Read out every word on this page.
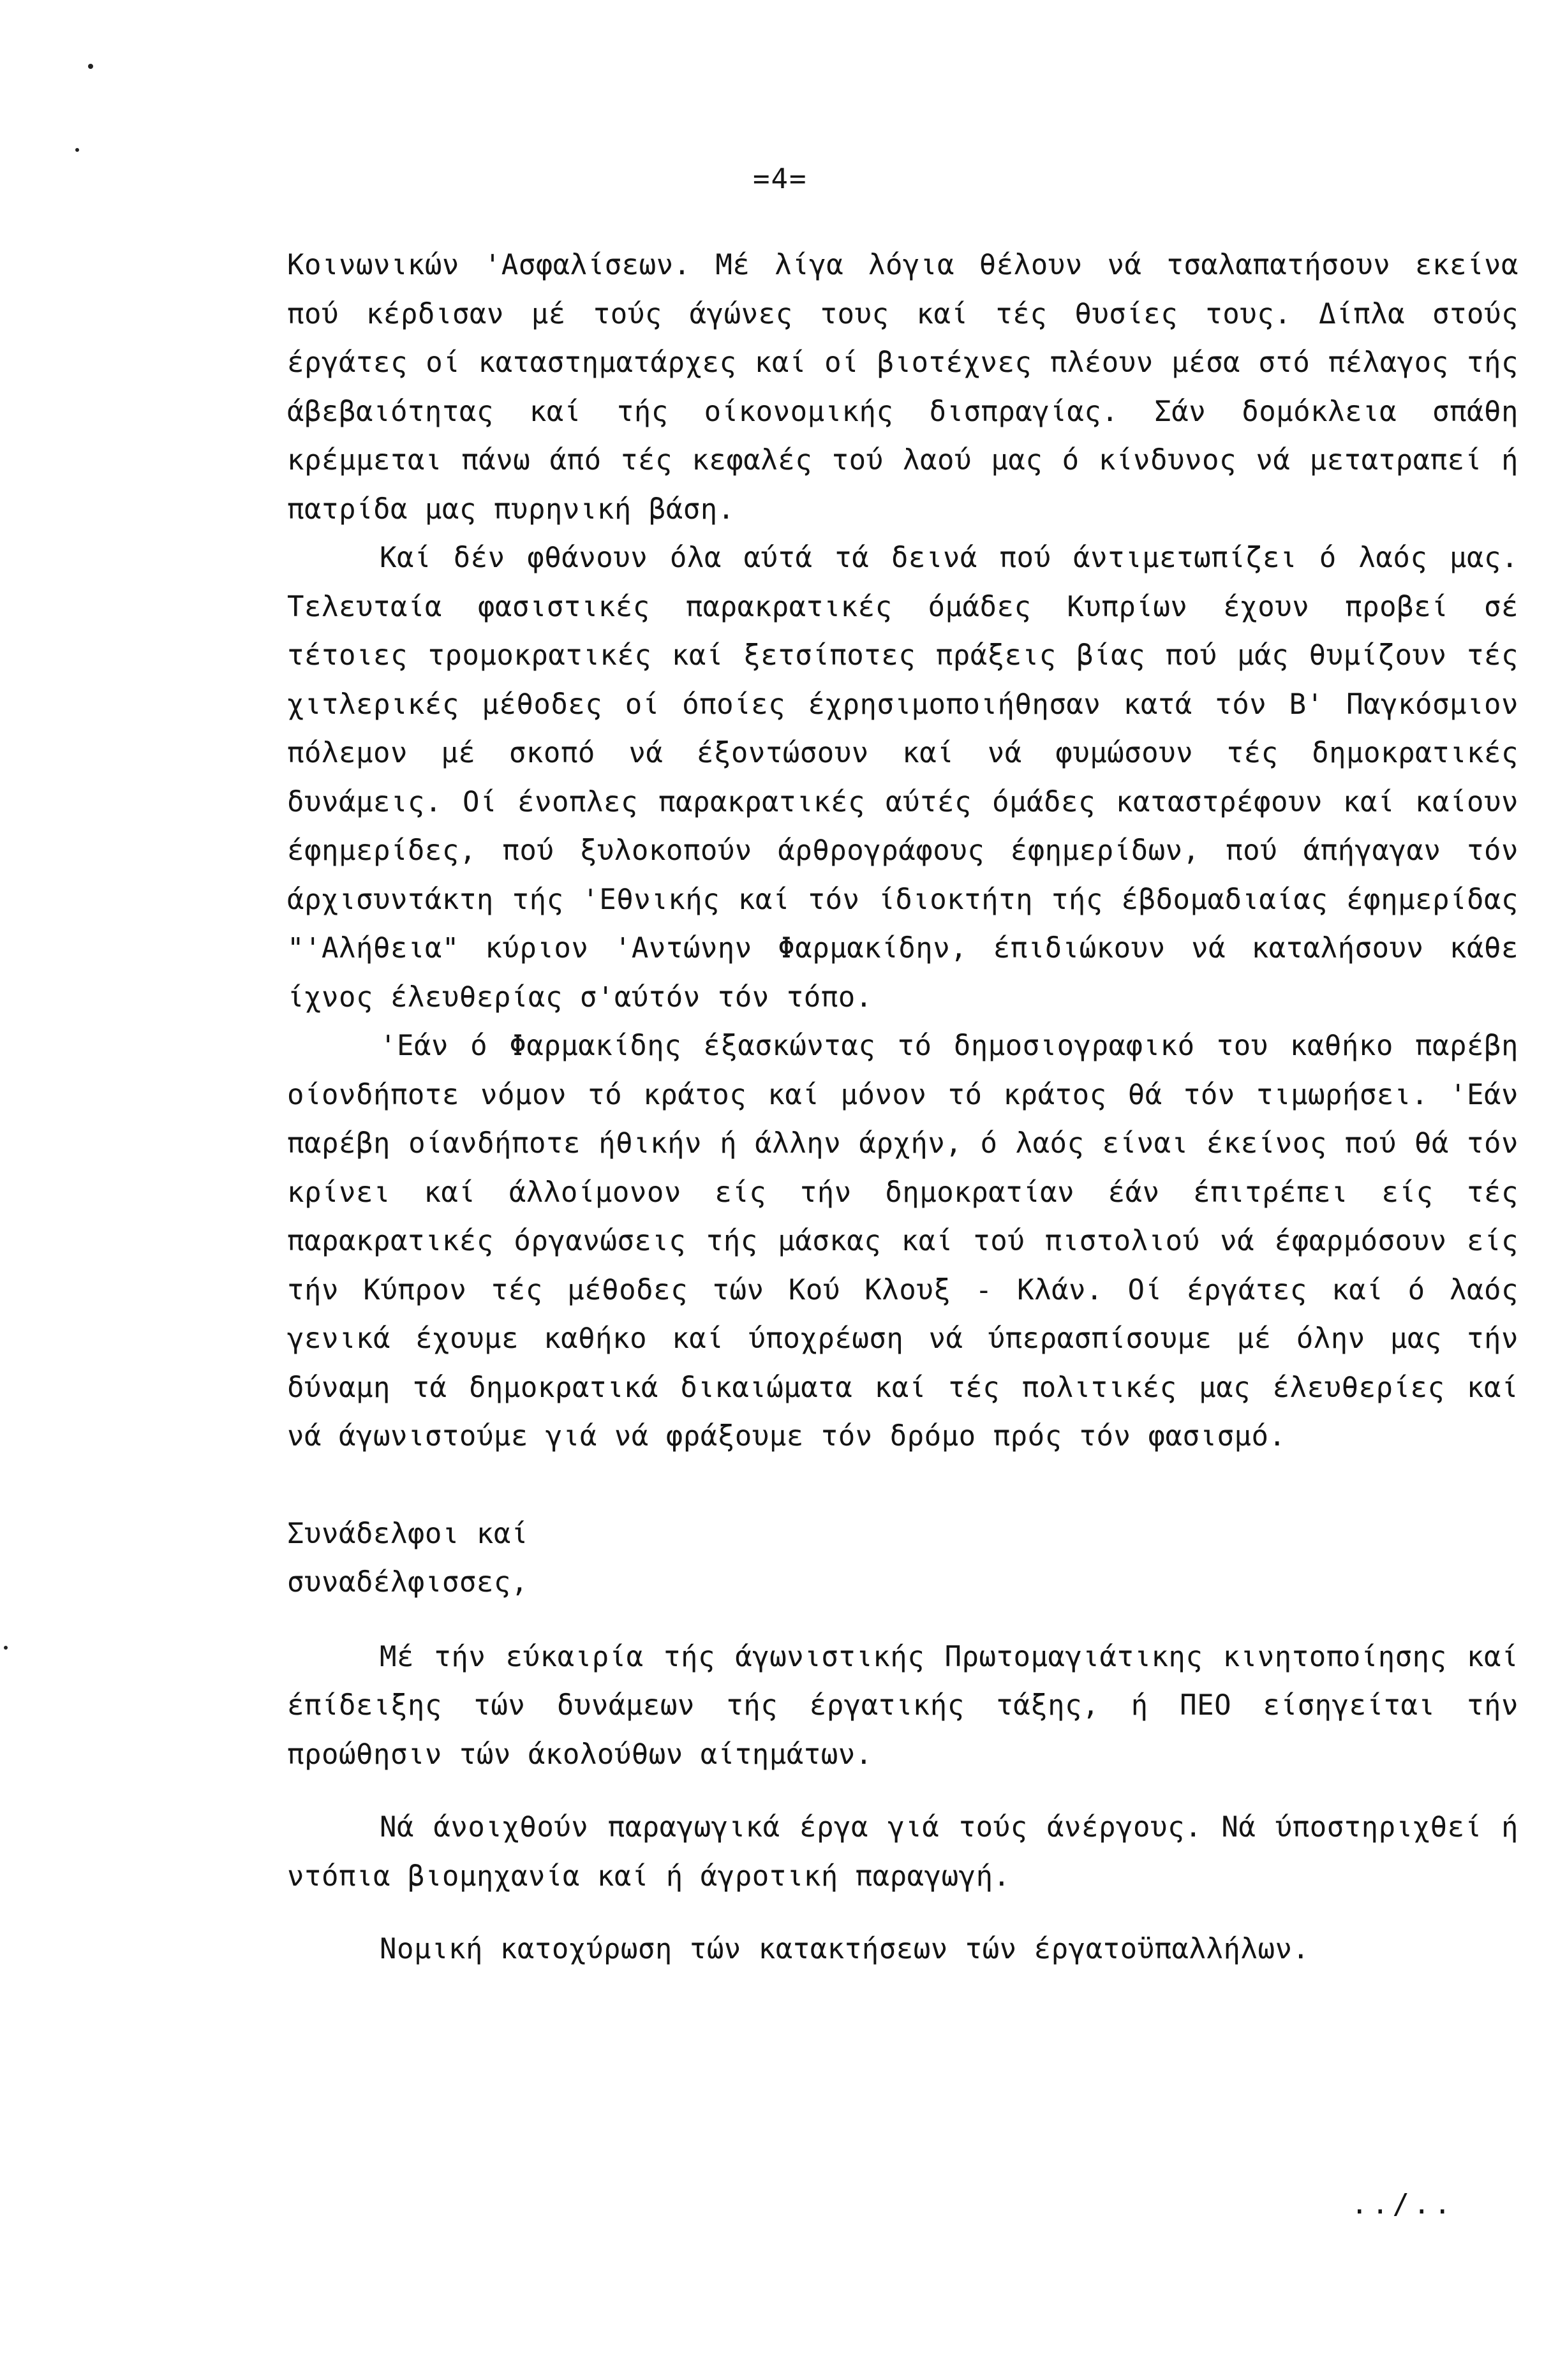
=4=

Κοινωνικών 'Ασφαλίσεων. Μέ λίγα λόγια θέλουν νά τσαλαπατήσουν εκείνα πού κέρδισαν μέ τούς άγώνες τους καί τές θυσίες τους. Δίπλα στούς έργάτες οί καταστηματάρχες καί οί βιοτέχνες πλέουν μέσα στό πέλαγος τής άβεβαιότητας καί τής οίκονομικής δισπραγίας. Σάν δομόκλεια σπάθη κρέμμεται πάνω άπό τές κεφαλές τού λαού μας ό κίνδυνος νά μετατραπεί ή πατρίδα μας πυρηνική βάση.

Καί δέν φθάνουν όλα αύτά τά δεινά πού άντιμετωπίζει ό λαός μας. Τελευταία φασιστικές παρακρατικές όμάδες Κυπρίων έχουν προβεί σέ τέτοιες τρομοκρατικές καί ξετσίποτες πράξεις βίας πού μάς θυμίζουν τές χιτλερικές μέθοδες οί όποίες έχρησιμοποιήθησαν κατά τόν Β' Παγκόσμιον πόλεμον μέ σκοπό νά έξοντώσουν καί νά φυμώσουν τές δημοκρατικές δυνάμεις. Οί ένοπλες παρακρατικές αύτές όμάδες καταστρέφουν καί καίουν έφημερίδες, πού ξυλοκοπούν άρθρογράφους έφημερίδων, πού άπήγαγαν τόν άρχισυντάκτη τής 'Εθνικής καί τόν ίδιοκτήτη τής έβδομαδιαίας έφημερίδας "'Αλήθεια" κύριον 'Αντώνην Φαρμακίδην, έπιδιώκουν νά καταλήσουν κάθε ίχνος έλευθερίας σ'αύτόν τόν τόπο.

'Εάν ό Φαρμακίδης έξασκώντας τό δημοσιογραφικό του καθήκο παρέβη οίονδήποτε νόμον τό κράτος καί μόνον τό κράτος θά τόν τιμωρήσει. 'Εάν παρέβη οίανδήποτε ήθικήν ή άλλην άρχήν, ό λαός είναι έκείνος πού θά τόν κρίνει καί άλλοίμονον είς τήν δημοκρατίαν έάν έπιτρέπει είς τές παρακρατικές όργανώσεις τής μάσκας καί τού πιστολιού νά έφαρμόσουν είς τήν Κύπρον τές μέθοδες τών Κού Κλουξ - Κλάν. Οί έργάτες καί ό λαός γενικά έχουμε καθήκο καί ύποχρέωση νά ύπερασπίσουμε μέ όλην μας τήν δύναμη τά δημοκρατικά δικαιώματα καί τές πολιτικές μας έλευθερίες καί νά άγωνιστούμε γιά νά φράξουμε τόν δρόμο πρός τόν φασισμό.

Συνάδελφοι καί

συναδέλφισσες,

Μέ τήν εύκαιρία τής άγωνιστικής Πρωτομαγιάτικης κινητοποίησης καί έπίδειξης τών δυνάμεων τής έργατικής τάξης, ή ΠΕΟ είσηγείται τήν προώθησιν τών άκολούθων αίτημάτων.

Νά άνοιχθούν παραγωγικά έργα γιά τούς άνέργους. Νά ύποστηριχθεί ή ντόπια βιομηχανία καί ή άγροτική παραγωγή.

Νομική κατοχύρωση τών κατακτήσεων τών έργατοϋπαλλήλων.

../..
